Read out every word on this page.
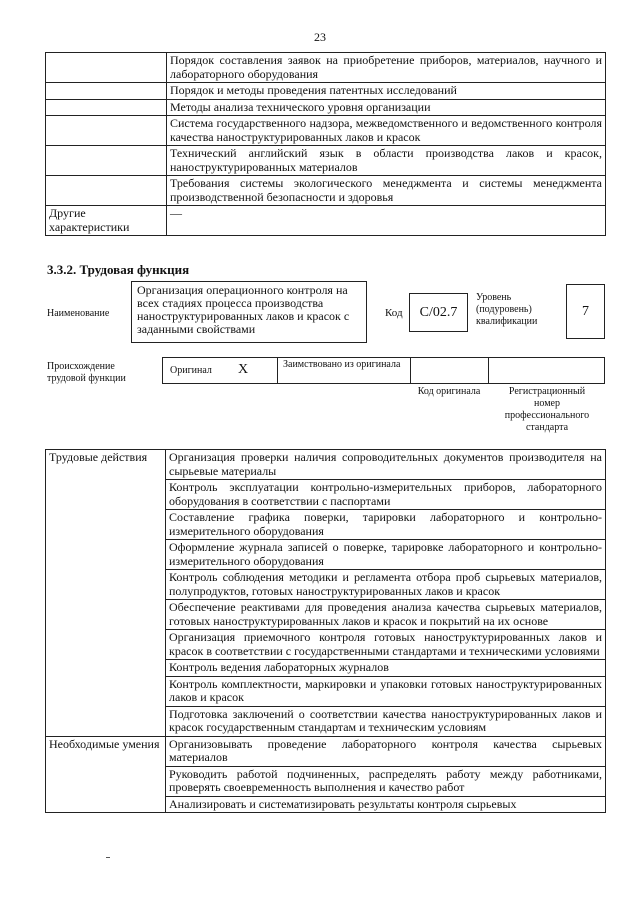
23
	Порядок составления заявок на приобретение приборов, материалов, научного и лабораторного оборудования
	Порядок и методы проведения патентных исследований
	Методы анализа технического уровня организации
	Система государственного надзора, межведомственного и ведомственного контроля качества наноструктурированных лаков и красок
	Технический английский язык в области производства лаков и красок, наноструктурированных материалов
	Требования системы экологического менеджмента и системы менеджмента производственной безопасности и здоровья
Другие характеристики	—
3.3.2. Трудовая функция
Наименование
Организация операционного контроля на всех стадиях процесса производства наноструктурированных лаков и красок с заданными свойствами
Код	С/02.7
Уровень (подуровень) квалификации
7
Происхождение трудовой функции
Оригинал X	Заимствовано из оригинала
Код оригинала	Регистрационный номер профессионального стандарта
Трудовые действия	Организация проверки наличия сопроводительных документов производителя на сырьевые материалы
	Контроль эксплуатации контрольно-измерительных приборов, лабораторного оборудования в соответствии с паспортами
	Составление графика поверки, тарировки лабораторного и контрольно-измерительного оборудования
	Оформление журнала записей о поверке, тарировке лабораторного и контрольно-измерительного оборудования
	Контроль соблюдения методики и регламента отбора проб сырьевых материалов, полупродуктов, готовых наноструктурированных лаков и красок
	Обеспечение реактивами для проведения анализа качества сырьевых материалов, готовых наноструктурированных лаков и красок и покрытий на их основе
	Организация приемочного контроля готовых наноструктурированных лаков и красок в соответствии с государственными стандартами и техническими условиями
	Контроль ведения лабораторных журналов
	Контроль комплектности, маркировки и упаковки готовых наноструктурированных лаков и красок
	Подготовка заключений о соответствии качества наноструктурированных лаков и красок государственным стандартам и техническим условиям
Необходимые умения	Организовывать проведение лабораторного контроля качества сырьевых материалов
	Руководить работой подчиненных, распределять работу между работниками, проверять своевременность выполнения и качество работ
	Анализировать и систематизировать результаты контроля сырьевых
